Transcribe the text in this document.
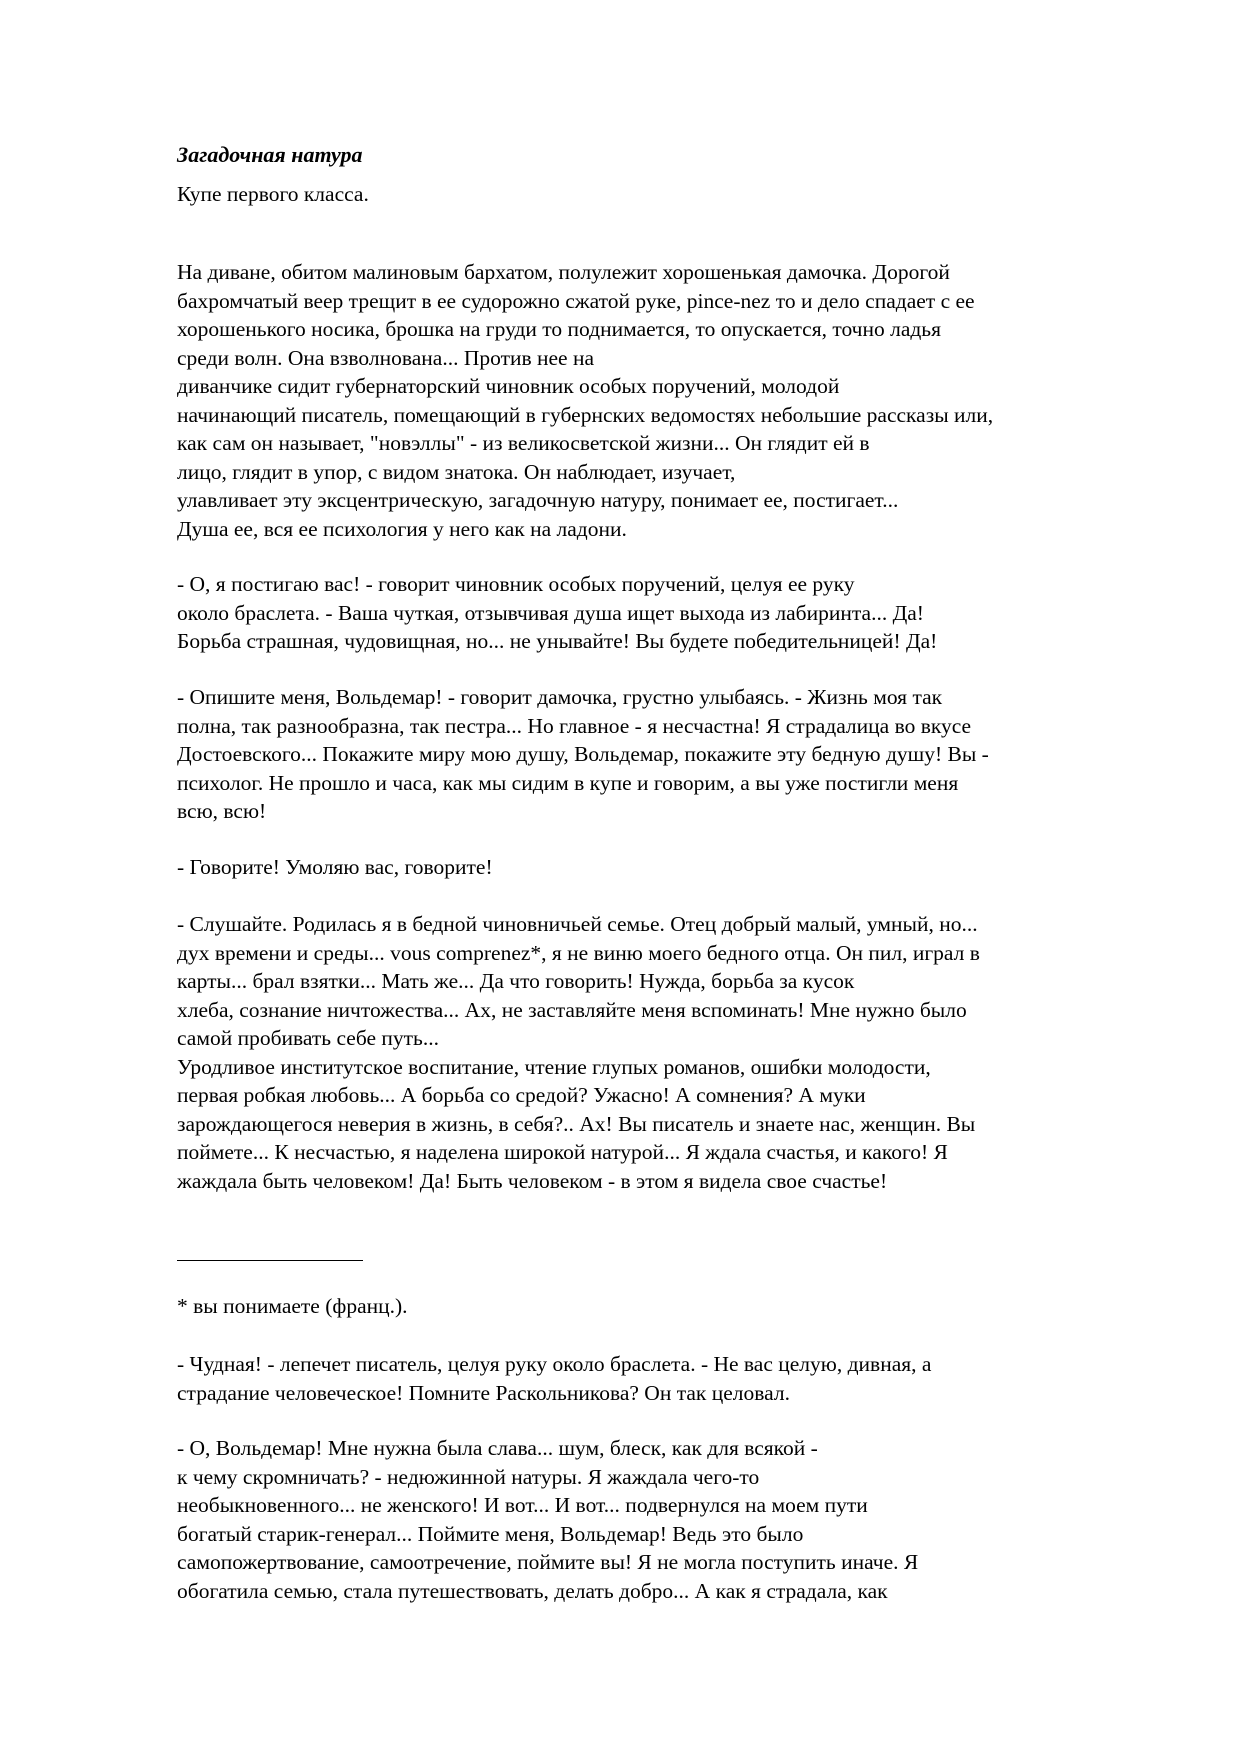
Загадочная натура

Купе первого класса.

На диване, обитом малиновым бархатом, полулежит хорошенькая дамочка. Дорогой
бахромчатый веер трещит в ее судорожно сжатой руке, pince-nez то и дело спадает с ее
хорошенького носика, брошка на груди то поднимается, то опускается, точно ладья
среди волн. Она взволнована... Против нее на
диванчике сидит губернаторский чиновник особых поручений, молодой
начинающий писатель, помещающий в губернских ведомостях небольшие рассказы или,
как сам он называет, "новэллы" - из великосветской жизни... Он глядит ей в
лицо, глядит в упор, с видом знатока. Он наблюдает, изучает,
улавливает эту эксцентрическую, загадочную натуру, понимает ее, постигает...
Душа ее, вся ее психология у него как на ладони.

- О, я постигаю вас! - говорит чиновник особых поручений, целуя ее руку
около браслета. - Ваша чуткая, отзывчивая душа ищет выхода из лабиринта... Да!
Борьба страшная, чудовищная, но... не унывайте! Вы будете победительницей! Да!

- Опишите меня, Вольдемар! - говорит дамочка, грустно улыбаясь. - Жизнь моя так
полна, так разнообразна, так пестра... Но главное - я несчастна! Я страдалица во вкусе
Достоевского... Покажите миру мою душу, Вольдемар, покажите эту бедную душу! Вы -
психолог. Не прошло и часа, как мы сидим в купе и говорим, а вы уже постигли меня
всю, всю!

- Говорите! Умоляю вас, говорите!

- Слушайте. Родилась я в бедной чиновничьей семье. Отец добрый малый, умный, но...
дух времени и среды... vous comprenez*, я не виню моего бедного отца. Он пил, играл в
карты... брал взятки... Мать же... Да что говорить! Нужда, борьба за кусок
хлеба, сознание ничтожества... Ах, не заставляйте меня вспоминать! Мне нужно было
самой пробивать себе путь...
Уродливое институтское воспитание, чтение глупых романов, ошибки молодости,
первая робкая любовь... А борьба со средой? Ужасно! А сомнения? А муки
зарождающегося неверия в жизнь, в себя?.. Ах! Вы писатель и знаете нас, женщин. Вы
поймете... К несчастью, я наделена широкой натурой... Я ждала счастья, и какого! Я
жаждала быть человеком! Да! Быть человеком - в этом я видела свое счастье!

* вы понимаете (франц.).

- Чудная! - лепечет писатель, целуя руку около браслета. - Не вас целую, дивная, а
страдание человеческое! Помните Раскольникова? Он так целовал.

- О, Вольдемар! Мне нужна была слава... шум, блеск, как для всякой -
к чему скромничать? - недюжинной натуры. Я жаждала чего-то
необыкновенного... не женского! И вот... И вот... подвернулся на моем пути
богатый старик-генерал... Поймите меня, Вольдемар! Ведь это было
самопожертвование, самоотречение, поймите вы! Я не могла поступить иначе. Я
обогатила семью, стала путешествовать, делать добро... А как я страдала, как
